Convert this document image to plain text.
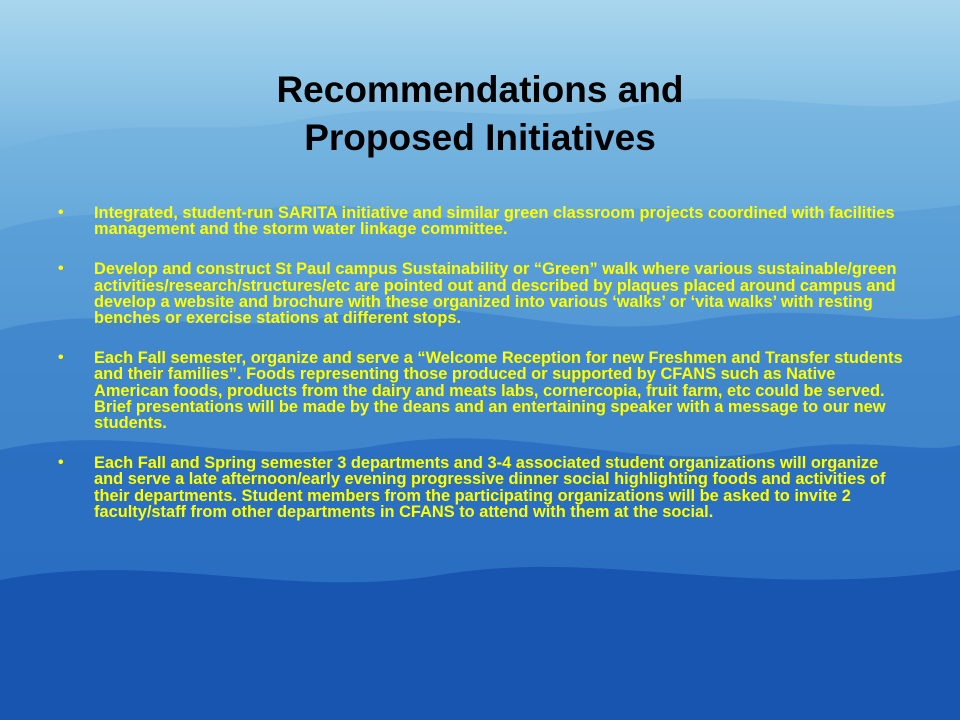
Recommendations and
Proposed Initiatives
• Integrated, student-run SARITA initiative and similar green classroom projects coordined with facilities management and the storm water linkage committee.
• Develop and construct St Paul campus Sustainability or “Green” walk where various sustainable/green activities/research/structures/etc are pointed out and described by plaques placed around campus and develop a website and brochure with these organized into various ‘walks’ or ‘vita walks’ with resting benches or exercise stations at different stops.
• Each Fall semester, organize and serve a “Welcome Reception for new Freshmen and Transfer students and their families”. Foods representing those produced or supported by CFANS such as Native American foods, products from the dairy and meats labs, cornercopia, fruit farm, etc could be served. Brief presentations will be made by the deans and an entertaining speaker with a message to our new students.
• Each Fall and Spring semester 3 departments and 3-4 associated student organizations will organize and serve a late afternoon/early evening progressive dinner social highlighting foods and activities of their departments. Student members from the participating organizations will be asked to invite 2 faculty/staff from other departments in CFANS to attend with them at the social.
